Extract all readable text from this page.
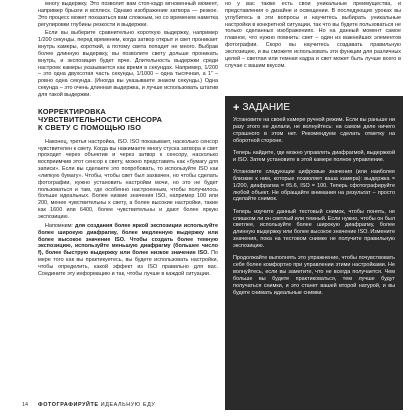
многу выдержку. Это позволит вам стоп-кадр мгновенный момент, например брызги и всплеск. Однако изображение затвора — резкое. Это процесс может показаться вам сложным, но со временем наметка регулировки глубины резкости и выдержки.

Если вы выберите сравнительно короткую выдержку, например 1/200 секунды, перед временем, когда затвор открыт и свет проникает внутрь камеры, короткий, а потому света попадет не много. Выбрав более длинную выдержку, вы позволите свету дольше проникать внутрь, и экспозиция будет ярче. Длительность выдержки среди настроек камеры указывается как время в секундах. Например, 1/200 – это одна двухсотая часть секунды, 1/1000 – одна тысячная, а 1” – ровно одна секунда. (Иногда вы указываете знаком секунды.) Одна секунда – это очень длинная выдержка, и лучше использовать штатив для такой выдержки.

КОРРЕКТИРОВКА
ЧУВСТВИТЕЛЬНОСТИ СЕНСОРА
К СВЕТУ С ПОМОЩЬЮ ISO

Наконец, третья настройка, ISO. ISO показывает, насколько сенсор чувствителен к свету. Когда вы нажимаете многу стуска затвора и свет проходит через объектив и через затвор к сенсору, насколько восприимчив этот сенсор к свету, можно представить как «бумагу для записи». Если вы сделаете это попробовать, то используйте ISO как «липкую бумагу». Чтобы, чтобы свет был захвачен, но чтобы сделать фотографии, нужно установить настройки мочи, но это не будет пользоваться и там, где особенно настроенным, чтобы получилось больше идеальных. Более низкие значения ISO, например 100 или 200, менее чувствительны к свету, а более высокие настройки, такие как 1600 или 6400, более чувствительны и дают более яркую экспозицию.

Напомним: для создания более яркой экспозиции используйте более широкую диафрагму, более медленную выдержку или более высокое значение ISO. Чтобы создать более темную экспозицию, используйте меньшую диафрагму (большее число f), более быструю выдержку или более низкое значение ISO. По мере того как вы практикуетесь, вы будете использовать настройки, чтобы определить, какой эффект из ISO правильно для вас. Соедините эту информацию и так, чтобы лучше в каждой ситуации.

но у вас также есть свои уникальные преимущества, и представления о дизайне и освещении. В последующих уроках вы углубитесь в эти вопросы и научитесь выбирать уникальные настройки в конкретной ситуации, так что вы будете пользоваться не только сделанных изображениях. Но на данный момент самое главное, что нужно помнить: свет – один из важнейших элементов фотографии. Скоро вы научитесь создавать правильную экспозицию, и вы сможете использовать эти функции для различных целей – светлая или темная кадра и свет может быть лучше всего в случае с вашим вкусом.

+ ЗАДАНИЕ

Установите на своей камере ручной режим. Если вы раньше ни разу этого не делали, не волнуйтесь: на самом деле ничего страшного в этом нет. Рекомендуем сделать отметку на оборотной стороне.

Теперь найдите, где можно управлять диафрагмой, выдержкой и ISO. Затем установите в этой камере полное управление.

Установите следующие цифровые значения (или наиболее близкие к ним, которые позволяет ваша камера): выдержка = 1/200, диафрагма = f/5.6, ISO = 100. Теперь сфотографируйте любой объект. Не обращайте внимания на результат – просто сделайте снимок.

Теперь изучите данный тестовый снимок, чтобы понять, не слишком ли он светлый или темный. Если нужно, чтобы он был светлее, используйте более широкую диафрагму, более длинную выдержку или более высокое значение ISO. Измените значения, пока на тестовом снимке не получите правильную экспозицию.

Продолжайте выполнять это упражнение, чтобы почувствовать себя более комфортно при управлении этими настройками. Не волнуйтесь, если вы заметите, что не всегда получается. Чем больше вы будете практиковаться, тем лучше будут получаться снимки, и это станет вашей второй натурой, и вы будете снимать идеальные снимки.

14 ФОТОГРАФИРУЙТЕ ИДЕАЛЬНУЮ ЕДУ
